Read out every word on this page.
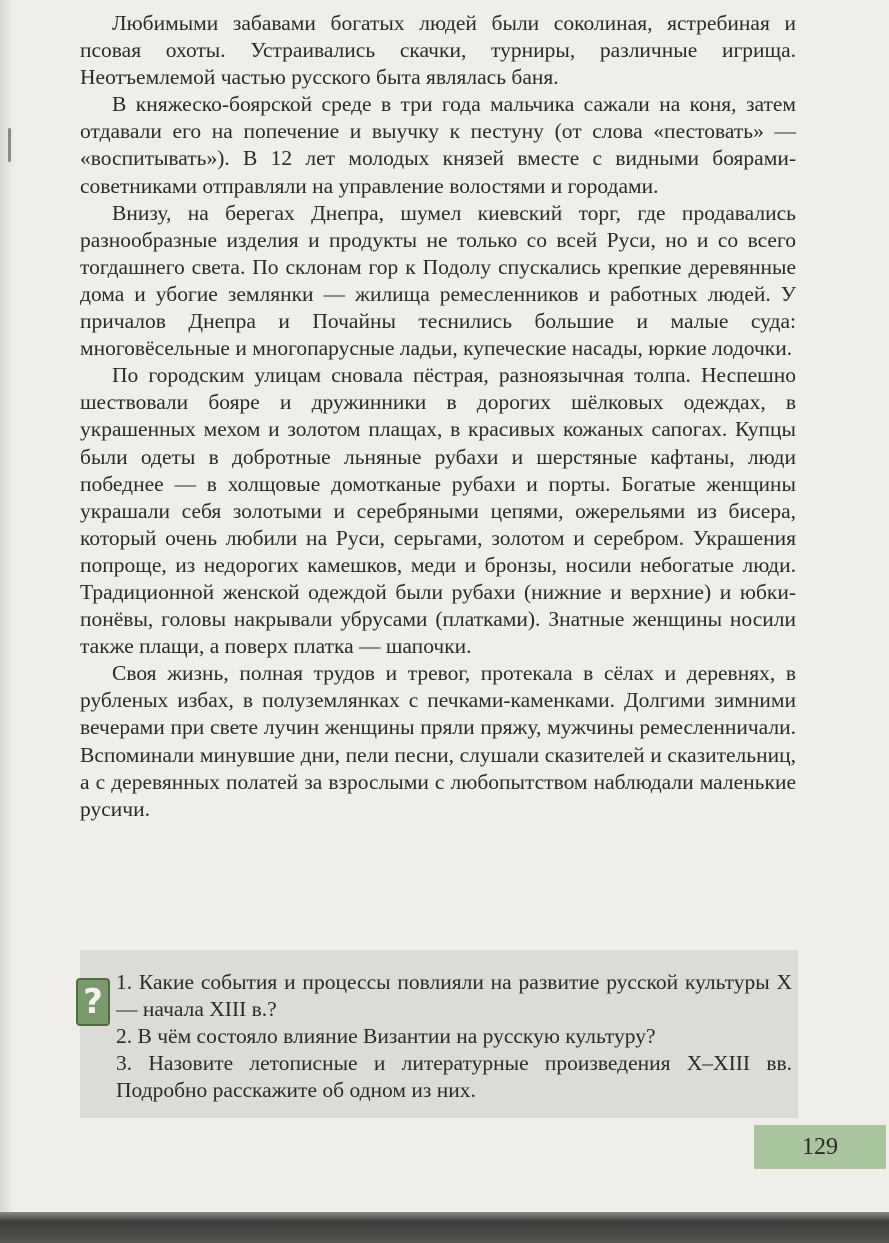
Любимыми забавами богатых людей были соколиная, ястребиная и псовая охоты. Устраивались скачки, турниры, различные игрища. Неотъемлемой частью русского быта являлась баня.

В княжеско-боярской среде в три года мальчика сажали на коня, затем отдавали его на попечение и выучку к пестуну (от слова «пестовать» — «воспитывать»). В 12 лет молодых князей вместе с видными боярами-советниками отправляли на управление волостями и городами.

Внизу, на берегах Днепра, шумел киевский торг, где продавались разнообразные изделия и продукты не только со всей Руси, но и со всего тогдашнего света. По склонам гор к Подолу спускались крепкие деревянные дома и убогие землянки — жилища ремесленников и работных людей. У причалов Днепра и Почайны теснились большие и малые суда: многовёсельные и многопарусные ладьи, купеческие насады, юркие лодочки.

По городским улицам сновала пёстрая, разноязычная толпа. Неспешно шествовали бояре и дружинники в дорогих шёлковых одеждах, в украшенных мехом и золотом плащах, в красивых кожаных сапогах. Купцы были одеты в добротные льняные рубахи и шерстяные кафтаны, люди победнее — в холщовые домотканые рубахи и порты. Богатые женщины украшали себя золотыми и серебряными цепями, ожерельями из бисера, который очень любили на Руси, серьгами, золотом и серебром. Украшения попроще, из недорогих камешков, меди и бронзы, носили небогатые люди. Традиционной женской одеждой были рубахи (нижние и верхние) и юбки-понёвы, головы накрывали убрусами (платками). Знатные женщины носили также плащи, а поверх платка — шапочки.

Своя жизнь, полная трудов и тревог, протекала в сёлах и деревнях, в рубленых избах, в полуземлянках с печками-каменками. Долгими зимними вечерами при свете лучин женщины пряли пряжу, мужчины ремесленничали. Вспоминали минувшие дни, пели песни, слушали сказителей и сказительниц, а с деревянных полатей за взрослыми с любопытством наблюдали маленькие русичи.

? 1. Какие события и процессы повлияли на развитие русской культуры X — начала XIII в.?
2. В чём состояло влияние Византии на русскую культуру?
3. Назовите летописные и литературные произведения X–XIII вв. Подробно расскажите об одном из них.
129
